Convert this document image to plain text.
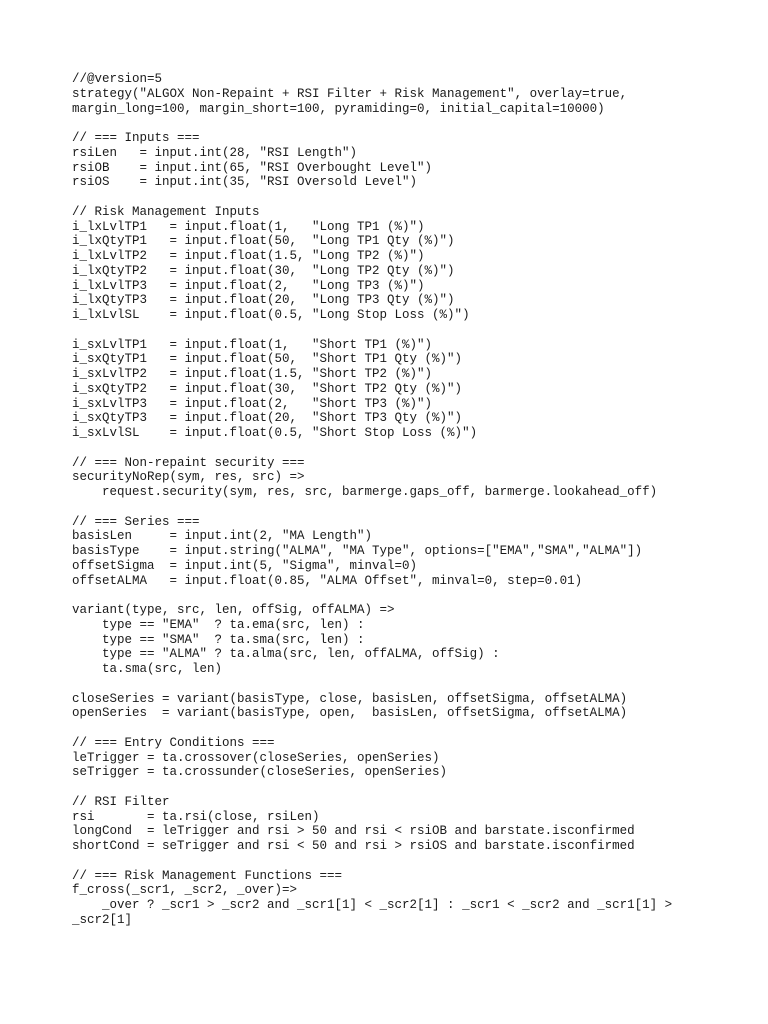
//@version=5
strategy("ALGOX Non-Repaint + RSI Filter + Risk Management", overlay=true,
margin_long=100, margin_short=100, pyramiding=0, initial_capital=10000)

// === Inputs ===
rsiLen   = input.int(28, "RSI Length")
rsiOB    = input.int(65, "RSI Overbought Level")
rsiOS    = input.int(35, "RSI Oversold Level")

// Risk Management Inputs
i_lxLvlTP1   = input.float(1,   "Long TP1 (%)")
i_lxQtyTP1   = input.float(50,  "Long TP1 Qty (%)")
i_lxLvlTP2   = input.float(1.5, "Long TP2 (%)")
i_lxQtyTP2   = input.float(30,  "Long TP2 Qty (%)")
i_lxLvlTP3   = input.float(2,   "Long TP3 (%)")
i_lxQtyTP3   = input.float(20,  "Long TP3 Qty (%)")
i_lxLvlSL    = input.float(0.5, "Long Stop Loss (%)")

i_sxLvlTP1   = input.float(1,   "Short TP1 (%)")
i_sxQtyTP1   = input.float(50,  "Short TP1 Qty (%)")
i_sxLvlTP2   = input.float(1.5, "Short TP2 (%)")
i_sxQtyTP2   = input.float(30,  "Short TP2 Qty (%)")
i_sxLvlTP3   = input.float(2,   "Short TP3 (%)")
i_sxQtyTP3   = input.float(20,  "Short TP3 Qty (%)")
i_sxLvlSL    = input.float(0.5, "Short Stop Loss (%)")

// === Non-repaint security ===
securityNoRep(sym, res, src) =>
request.security(sym, res, src, barmerge.gaps_off, barmerge.lookahead_off)

// === Series ===
basisLen     = input.int(2, "MA Length")
basisType    = input.string("ALMA", "MA Type", options=["EMA","SMA","ALMA"])
offsetSigma  = input.int(5, "Sigma", minval=0)
offsetALMA   = input.float(0.85, "ALMA Offset", minval=0, step=0.01)

variant(type, src, len, offSig, offALMA) =>
type == "EMA"  ? ta.ema(src, len) :
type == "SMA"  ? ta.sma(src, len) :
type == "ALMA" ? ta.alma(src, len, offALMA, offSig) :
ta.sma(src, len)

closeSeries = variant(basisType, close, basisLen, offsetSigma, offsetALMA)
openSeries  = variant(basisType, open,  basisLen, offsetSigma, offsetALMA)

// === Entry Conditions ===
leTrigger = ta.crossover(closeSeries, openSeries)
seTrigger = ta.crossunder(closeSeries, openSeries)

// RSI Filter
rsi       = ta.rsi(close, rsiLen)
longCond  = leTrigger and rsi > 50 and rsi < rsiOB and barstate.isconfirmed
shortCond = seTrigger and rsi < 50 and rsi > rsiOS and barstate.isconfirmed

// === Risk Management Functions ===
f_cross(_scr1, _scr2, _over)=>
_over ? _scr1 > _scr2 and _scr1[1] < _scr2[1] : _scr1 < _scr2 and _scr1[1] >
_scr2[1]
